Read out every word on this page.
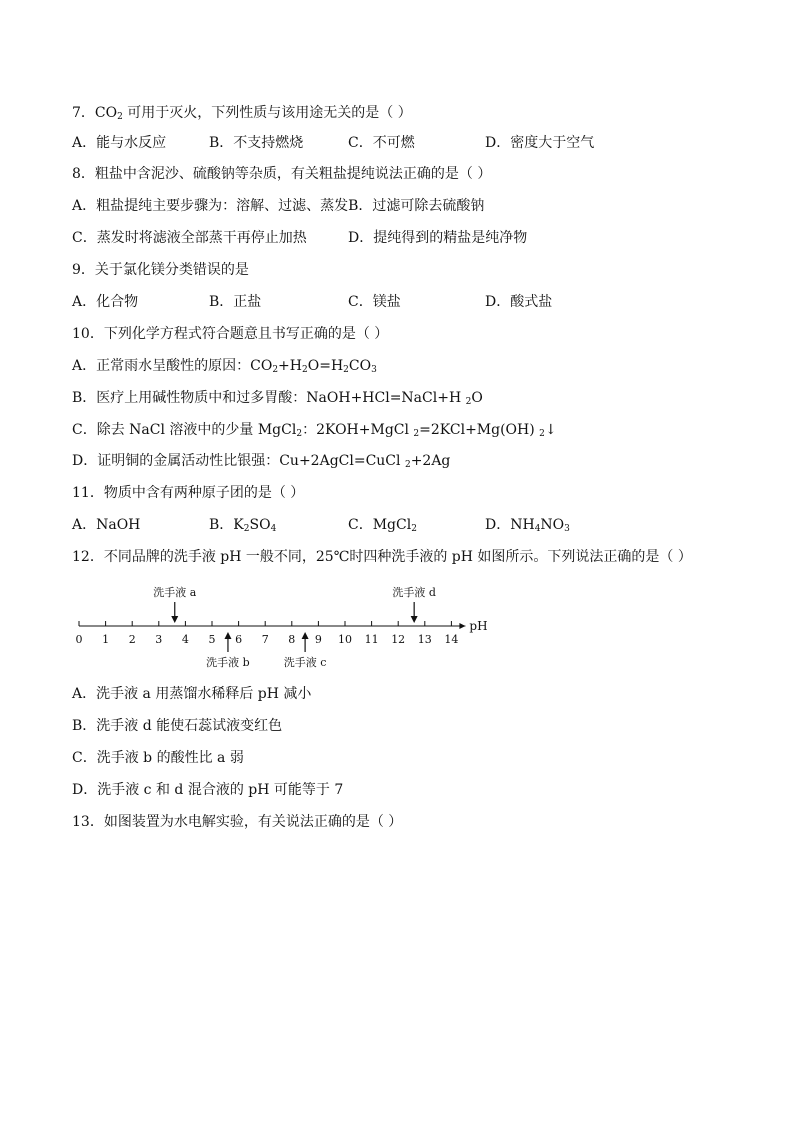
7．$CO_2$ 可用于灭火，下列性质与该用途无关的是（ ）
A．能与水反应	B．不支持燃烧	C．不可燃	D．密度大于空气
8．粗盐中含泥沙、硫酸钠等杂质，有关粗盐提纯说法正确的是（ ）
A．粗盐提纯主要步骤为：溶解、过滤、蒸发B．过滤可除去硫酸钠
C．蒸发时将滤液全部蒸干再停止加热	D．提纯得到的精盐是纯净物
9．关于氯化镁分类错误的是
A．化合物	B．正盐	C．镁盐	D．酸式盐
10．下列化学方程式符合题意且书写正确的是（ ）
A．正常雨水呈酸性的原因：$CO_2+H_2O=H_2CO_3$
B．医疗上用碱性物质中和过多胃酸：NaOH+HCl=NaCl+H $_2$O
C．除去 NaCl 溶液中的少量 MgCl$_2$：2KOH+MgCl $_2$=2KCl+Mg(OH) $_2$↓
D．证明铜的金属活动性比银强：Cu+2AgCl=CuCl $_2$+2Ag
11．物质中含有两种原子团的是（ ）
A．NaOH	B．$K_2SO_4$	C．MgCl$_2$	D．$NH_4NO_3$
12．不同品牌的洗手液 pH 一般不同，25℃时四种洗手液的 pH 如图所示。下列说法正确的是（ ）
0 1 2 3 4 5 6 7 8 9 10 11 12 13 14
pH
洗手液 a
洗手液 b	洗手液 c
洗手液 d
A．洗手液 a 用蒸馏水稀释后 pH 减小
B．洗手液 d 能使石蕊试液变红色
C．洗手液 b 的酸性比 a 弱
D．洗手液 c 和 d 混合液的 pH 可能等于 7
13．如图装置为水电解实验，有关说法正确的是（ ）
